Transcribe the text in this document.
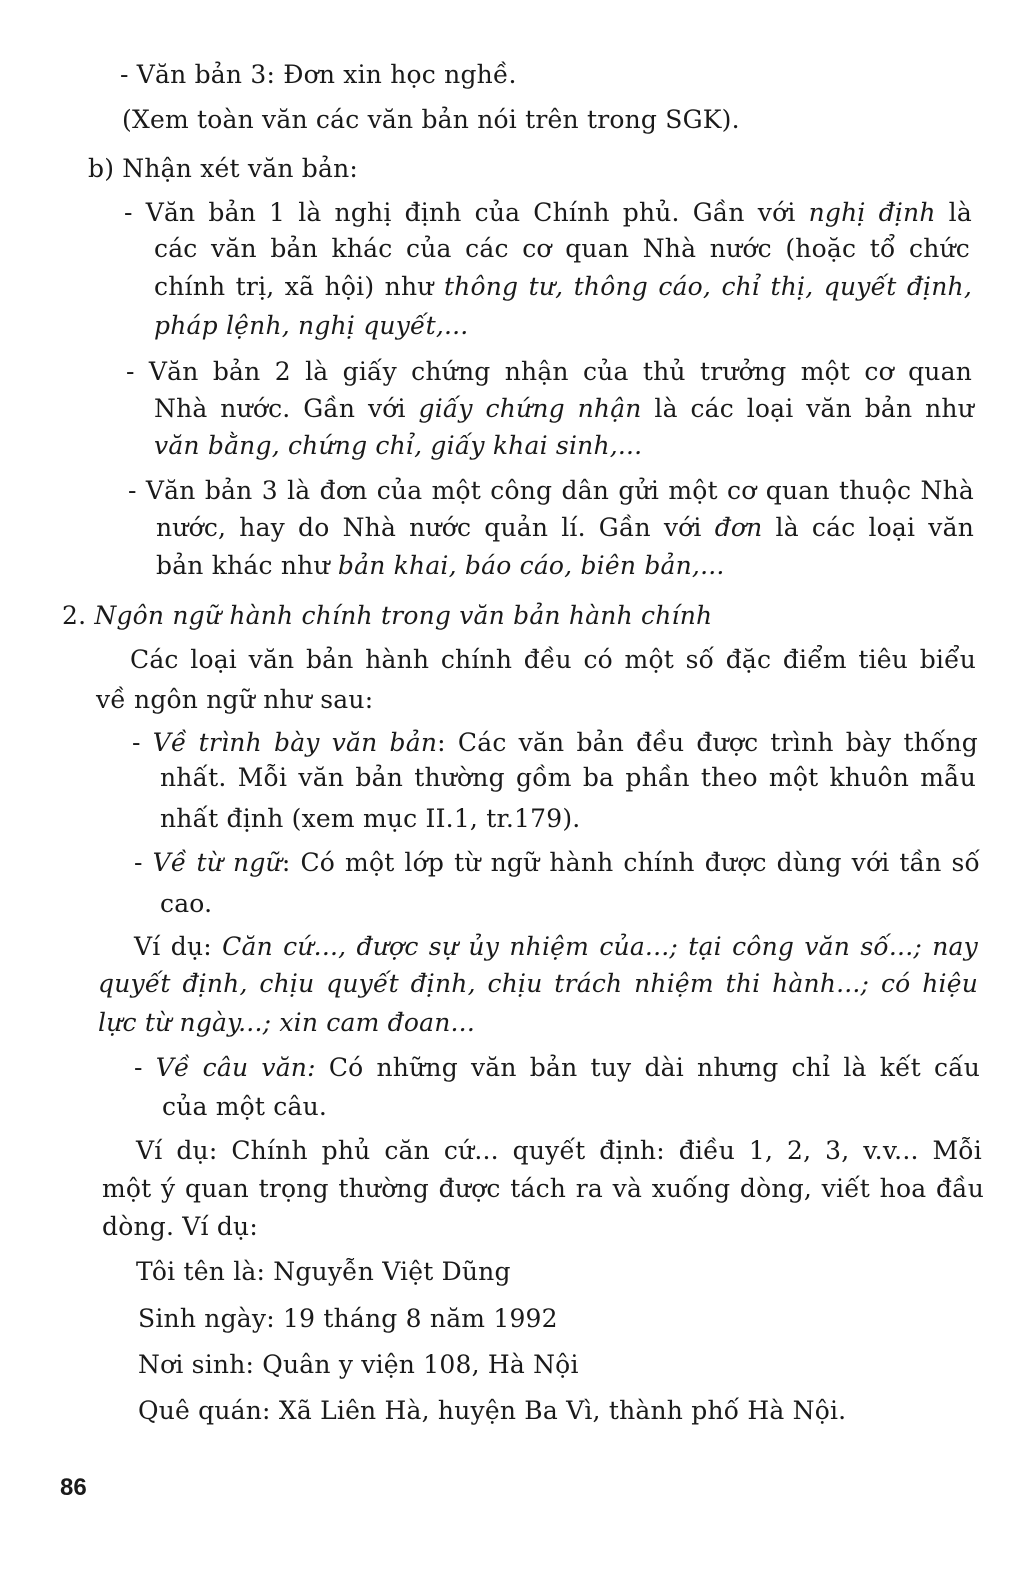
- Văn bản 3: Đơn xin học nghề.

(Xem toàn văn các văn bản nói trên trong SGK).

b) Nhận xét văn bản:

- Văn bản 1 là nghị định của Chính phủ. Gần với nghị định là

các văn bản khác của các cơ quan Nhà nước (hoặc tổ chức

chính trị, xã hội) như thông tư, thông cáo, chỉ thị, quyết định,

pháp lệnh, nghị quyết,...

- Văn bản 2 là giấy chứng nhận của thủ trưởng một cơ quan

Nhà nước. Gần với giấy chứng nhận là các loại văn bản như

văn bằng, chứng chỉ, giấy khai sinh,...

- Văn bản 3 là đơn của một công dân gửi một cơ quan thuộc Nhà

nước, hay do Nhà nước quản lí. Gần với đơn là các loại văn

bản khác như bản khai, báo cáo, biên bản,...

2. Ngôn ngữ hành chính trong văn bản hành chính

Các loại văn bản hành chính đều có một số đặc điểm tiêu biểu

về ngôn ngữ như sau:

- Về trình bày văn bản: Các văn bản đều được trình bày thống

nhất. Mỗi văn bản thường gồm ba phần theo một khuôn mẫu

nhất định (xem mục II.1, tr.179).

- Về từ ngữ: Có một lớp từ ngữ hành chính được dùng với tần số

cao.

Ví dụ: Căn cứ..., được sự ủy nhiệm của...; tại công văn số...; nay

quyết định, chịu quyết định, chịu trách nhiệm thi hành...; có hiệu

lực từ ngày...; xin cam đoan...

- Về câu văn: Có những văn bản tuy dài nhưng chỉ là kết cấu

của một câu.

Ví dụ: Chính phủ căn cứ... quyết định: điều 1, 2, 3, v.v... Mỗi

một ý quan trọng thường được tách ra và xuống dòng, viết hoa đầu

dòng. Ví dụ:

Tôi tên là: Nguyễn Việt Dũng

Sinh ngày: 19 tháng 8 năm 1992

Nơi sinh: Quân y viện 108, Hà Nội

Quê quán: Xã Liên Hà, huyện Ba Vì, thành phố Hà Nội.

86
